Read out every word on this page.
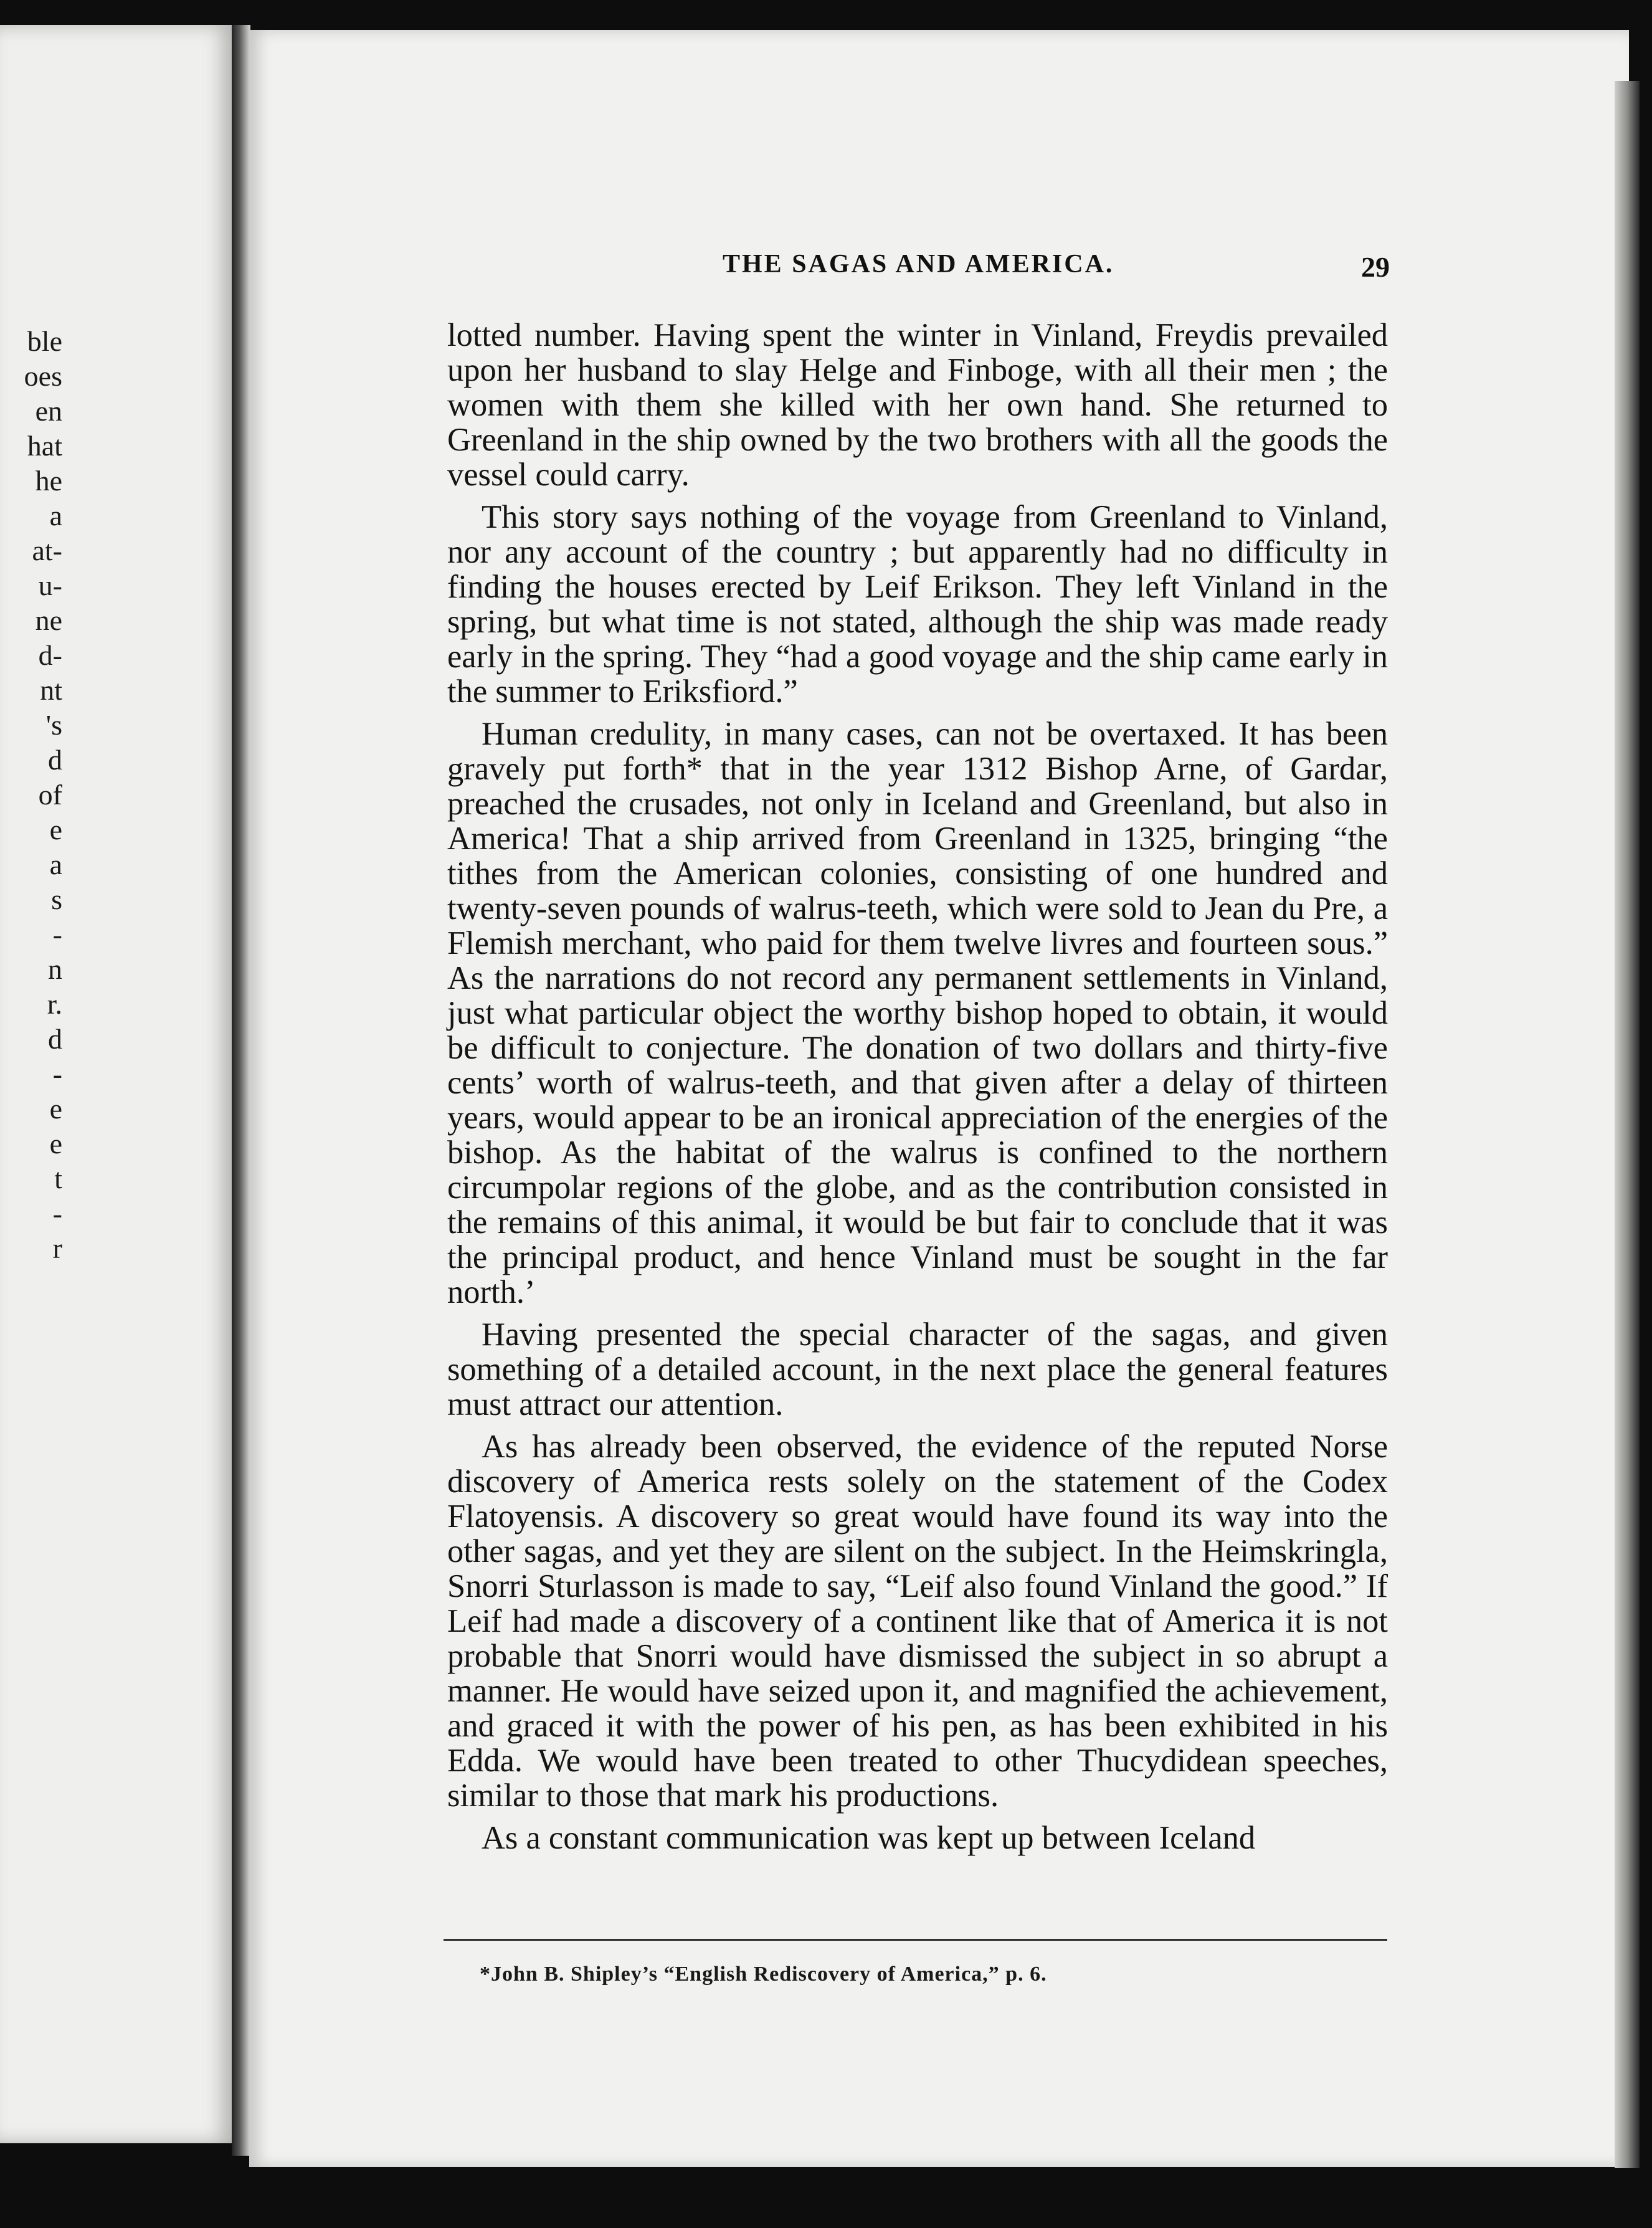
ble
oes
en
hat
he
a
at-
u-
ne
d-
nt
's
d
of
e
a
s
-
n
r.
d
-
e
e
t
-
r
THE SAGAS AND AMERICA.	29

lotted number. Having spent the winter in Vinland, Freydis prevailed upon her husband to slay Helge and Finboge, with all their men ; the women with them she killed with her own hand. She returned to Greenland in the ship owned by the two brothers with all the goods the vessel could carry.

This story says nothing of the voyage from Greenland to Vinland, nor any account of the country ; but apparently had no difficulty in finding the houses erected by Leif Erikson. They left Vinland in the spring, but what time is not stated, although the ship was made ready early in the spring. They “had a good voyage and the ship came early in the summer to Eriksfiord.”

Human credulity, in many cases, can not be overtaxed. It has been gravely put forth* that in the year 1312 Bishop Arne, of Gardar, preached the crusades, not only in Iceland and Greenland, but also in America! That a ship arrived from Greenland in 1325, bringing “the tithes from the American colonies, consisting of one hundred and twenty-seven pounds of walrus-teeth, which were sold to Jean du Pre, a Flemish merchant, who paid for them twelve livres and fourteen sous.” As the narrations do not record any permanent settlements in Vinland, just what particular object the worthy bishop hoped to obtain, it would be difficult to conjecture. The donation of two dollars and thirty-five cents’ worth of walrus-teeth, and that given after a delay of thirteen years, would appear to be an ironical appreciation of the energies of the bishop. As the habitat of the walrus is confined to the northern circumpolar regions of the globe, and as the contribution consisted in the remains of this animal, it would be but fair to conclude that it was the principal product, and hence Vinland must be sought in the far north.’

Having presented the special character of the sagas, and given something of a detailed account, in the next place the general features must attract our attention.

As has already been observed, the evidence of the reputed Norse discovery of America rests solely on the statement of the Codex Flatoyensis. A discovery so great would have found its way into the other sagas, and yet they are silent on the subject. In the Heimskringla, Snorri Sturlasson is made to say, “Leif also found Vinland the good.” If Leif had made a discovery of a continent like that of America it is not probable that Snorri would have dismissed the subject in so abrupt a manner. He would have seized upon it, and magnified the achievement, and graced it with the power of his pen, as has been exhibited in his Edda. We would have been treated to other Thucydidean speeches, similar to those that mark his productions.

As a constant communication was kept up between Iceland

*John B. Shipley’s “English Rediscovery of America,” p. 6.
